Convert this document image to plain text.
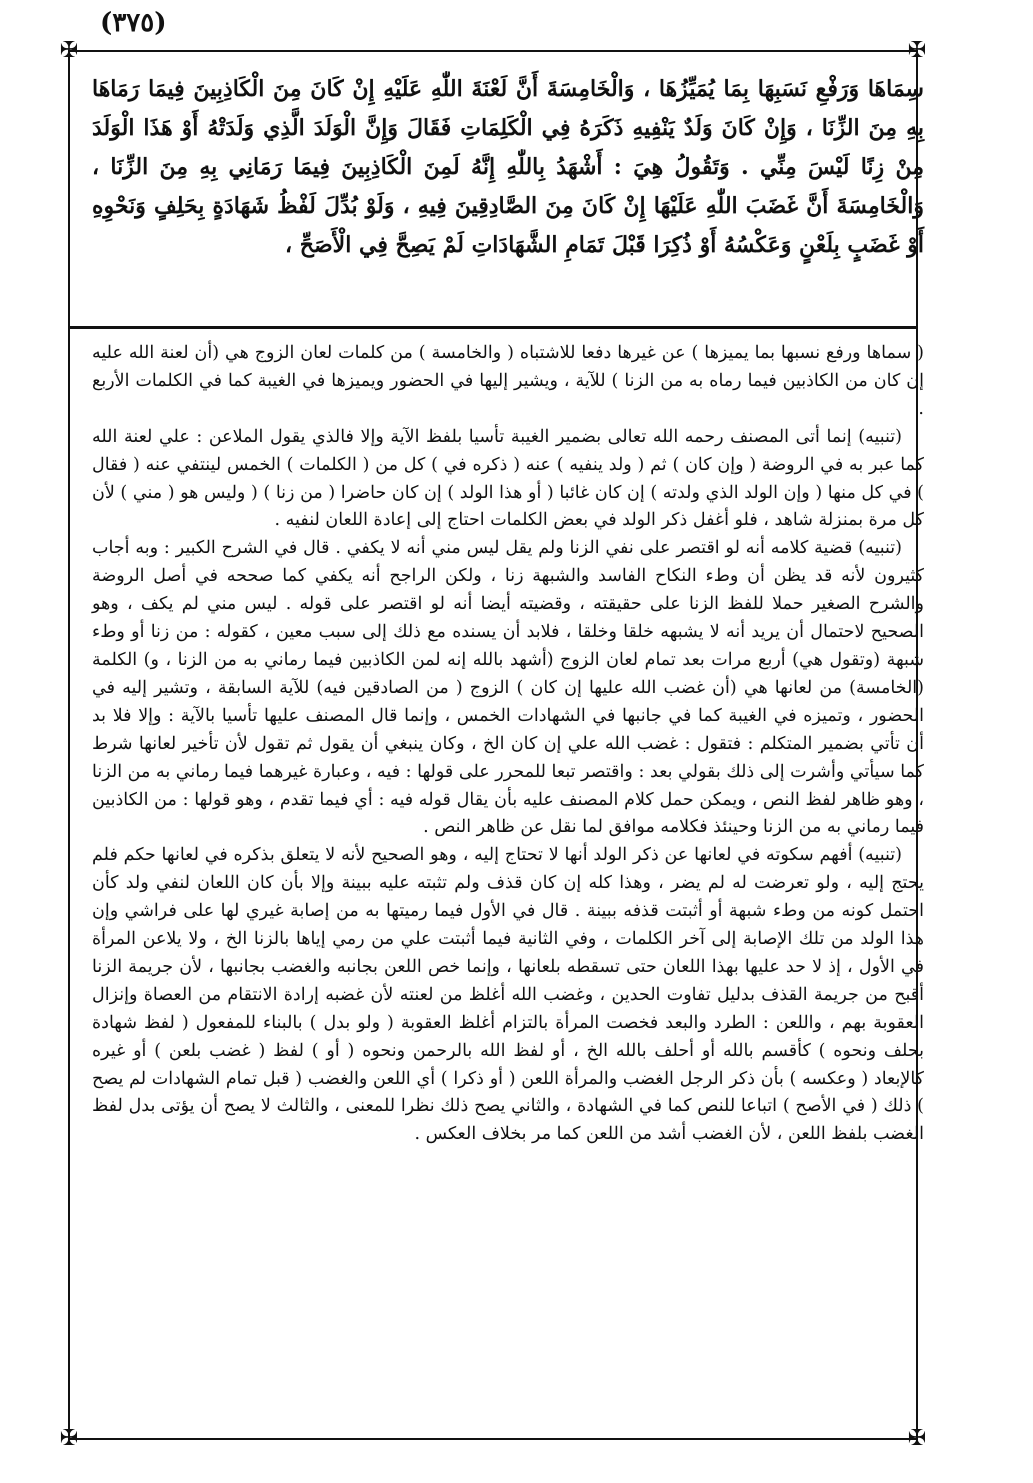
(٣٧٥)
✠	✠
✠	✠

سِمَاهَا وَرَفْعِ نَسَبِهَا بِمَا يُمَيِّزُهَا ، وَالْخَامِسَةَ أَنَّ لَعْنَةَ اللّٰهِ عَلَيْهِ إِنْ كَانَ مِنَ الْكَاذِبِينَ فِيمَا رَمَاهَا بِهِ مِنَ الزِّنَا ، وَإِنْ كَانَ وَلَدٌ يَنْفِيهِ ذَكَرَهُ فِي الْكَلِمَاتِ فَقَالَ وَإِنَّ الْوَلَدَ الَّذِي وَلَدَتْهُ أَوْ هَذَا الْوَلَدَ مِنْ زِنًا لَيْسَ مِنِّي . وَتَقُولُ هِيَ : أَشْهَدُ بِاللّٰهِ إِنَّهُ لَمِنَ الْكَاذِبِينَ فِيمَا رَمَانِي بِهِ مِنَ الزِّنَا ، وَالْخَامِسَةَ أَنَّ غَضَبَ اللّٰهِ عَلَيْهَا إِنْ كَانَ مِنَ الصَّادِقِينَ فِيهِ ، وَلَوْ بُدِّلَ لَفْظُ شَهَادَةٍ بِحَلِفٍ وَنَحْوِهِ أَوْ غَضَبٍ بِلَعْنٍ وَعَكْسُهُ أَوْ ذُكِرَا قَبْلَ تَمَامِ الشَّهَادَاتِ لَمْ يَصِحَّ فِي الْأَصَحِّ ،

( سماها ورفع نسبها بما يميزها ) عن غيرها دفعا للاشتباه ( والخامسة ) من كلمات لعان الزوج هي (أن لعنة الله عليه إن كان من الكاذبين فيما رماه به من الزنا ) للآية ، ويشير إليها في الحضور ويميزها في الغيبة كما في الكلمات الأربع .

(تنبيه) إنما أتى المصنف رحمه الله تعالى بضمير الغيبة تأسيا بلفظ الآية وإلا فالذي يقول الملاعن : علي لعنة الله كما عبر به في الروضة ( وإن كان ) ثم ( ولد ينفيه ) عنه ( ذكره في ) كل من ( الكلمات ) الخمس لينتفي عنه ( فقال ) في كل منها ( وإن الولد الذي ولدته ) إن كان غائبا ( أو هذا الولد ) إن كان حاضرا ( من زنا ) ( وليس هو ( مني ) لأن كل مرة بمنزلة شاهد ، فلو أغفل ذكر الولد في بعض الكلمات احتاج إلى إعادة اللعان لنفيه .

(تنبيه) قضية كلامه أنه لو اقتصر على نفي الزنا ولم يقل ليس مني أنه لا يكفي . قال في الشرح الكبير : وبه أجاب كثيرون لأنه قد يظن أن وطء النكاح الفاسد والشبهة زنا ، ولكن الراجح أنه يكفي كما صححه في أصل الروضة والشرح الصغير حملا للفظ الزنا على حقيقته ، وقضيته أيضا أنه لو اقتصر على قوله . ليس مني لم يكف ، وهو الصحيح لاحتمال أن يريد أنه لا يشبهه خلقا وخلقا ، فلابد أن يسنده مع ذلك إلى سبب معين ، كقوله : من زنا أو وطء شبهة (وتقول هي) أربع مرات بعد تمام لعان الزوج (أشهد بالله إنه لمن الكاذبين فيما رماني به من الزنا ، و) الكلمة (الخامسة) من لعانها هي (أن غضب الله عليها إن كان ) الزوج ( من الصادقين فيه) للآية السابقة ، وتشير إليه في الحضور ، وتميزه في الغيبة كما في جانبها في الشهادات الخمس ، وإنما قال المصنف عليها تأسيا بالآية : وإلا فلا بد أن تأتي بضمير المتكلم : فتقول : غضب الله علي إن كان الخ ، وكان ينبغي أن يقول ثم تقول لأن تأخير لعانها شرط كما سيأتي وأشرت إلى ذلك بقولي بعد : واقتصر تبعا للمحرر على قولها : فيه ، وعبارة غيرهما فيما رماني به من الزنا ، وهو ظاهر لفظ النص ، ويمكن حمل كلام المصنف عليه بأن يقال قوله فيه : أي فيما تقدم ، وهو قولها : من الكاذبين فيما رماني به من الزنا وحينئذ فكلامه موافق لما نقل عن ظاهر النص .

(تنبيه) أفهم سكوته في لعانها عن ذكر الولد أنها لا تحتاج إليه ، وهو الصحيح لأنه لا يتعلق بذكره في لعانها حكم فلم يحتج إليه ، ولو تعرضت له لم يضر ، وهذا كله إن كان قذف ولم تثبته عليه ببينة وإلا بأن كان اللعان لنفي ولد كأن احتمل كونه من وطء شبهة أو أثبتت قذفه ببينة . قال في الأول فيما رميتها به من إصابة غيري لها على فراشي وإن هذا الولد من تلك الإصابة إلى آخر الكلمات ، وفي الثانية فيما أثبتت علي من رمي إياها بالزنا الخ ، ولا يلاعن المرأة في الأول ، إذ لا حد عليها بهذا اللعان حتى تسقطه بلعانها ، وإنما خص اللعن بجانبه والغضب بجانبها ، لأن جريمة الزنا أقبح من جريمة القذف بدليل تفاوت الحدين ، وغضب الله أغلظ من لعنته لأن غضبه إرادة الانتقام من العصاة وإنزال العقوبة بهم ، واللعن : الطرد والبعد فخصت المرأة بالتزام أغلظ العقوبة ( ولو بدل ) بالبناء للمفعول ( لفظ شهادة بحلف ونحوه ) كأقسم بالله أو أحلف بالله الخ ، أو لفظ الله بالرحمن ونحوه ( أو ) لفظ ( غضب بلعن ) أو غيره كالإبعاد ( وعكسه ) بأن ذكر الرجل الغضب والمرأة اللعن ( أو ذكرا ) أي اللعن والغضب ( قبل تمام الشهادات لم يصح ) ذلك ( في الأصح ) اتباعا للنص كما في الشهادة ، والثاني يصح ذلك نظرا للمعنى ، والثالث لا يصح أن يؤتى بدل لفظ الغضب بلفظ اللعن ، لأن الغضب أشد من اللعن كما مر بخلاف العكس .
